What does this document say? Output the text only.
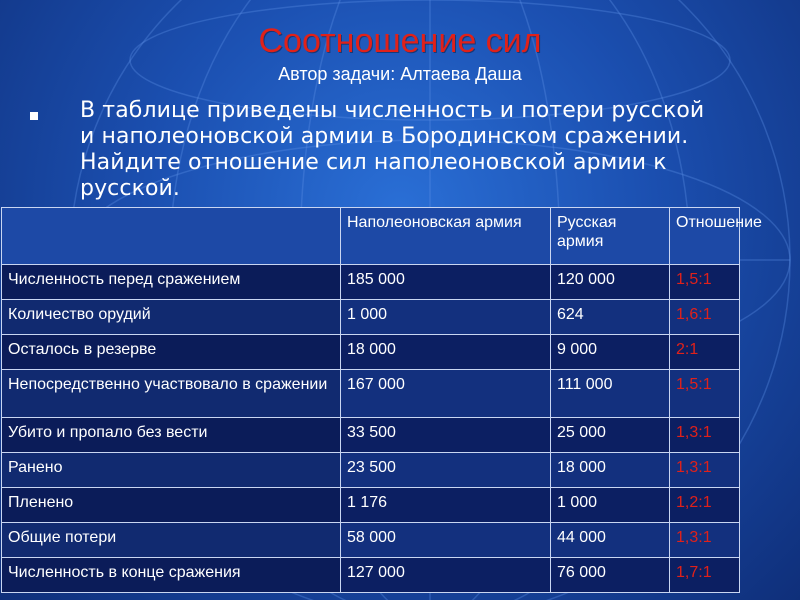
Соотношение сил
Автор задачи: Алтаева Даша
В таблице приведены численность и потери русской и наполеоновской армии в Бородинском сражении. Найдите отношение сил наполеоновской армии к русской.
	Наполеоновская армия	Русская армия	Отношение
Численность перед сражением	185 000	120 000	1,5:1
Количество орудий	1 000	624	1,6:1
Осталось в резерве	18 000	9 000	2:1
Непосредственно участвовало в сражении	167 000	111 000	1,5:1
Убито и пропало без вести	33 500	25 000	1,3:1
Ранено	23 500	18 000	1,3:1
Пленено	1 176	1 000	1,2:1
Общие потери	58 000	44 000	1,3:1
Численность в конце сражения	127 000	76 000	1,7:1
